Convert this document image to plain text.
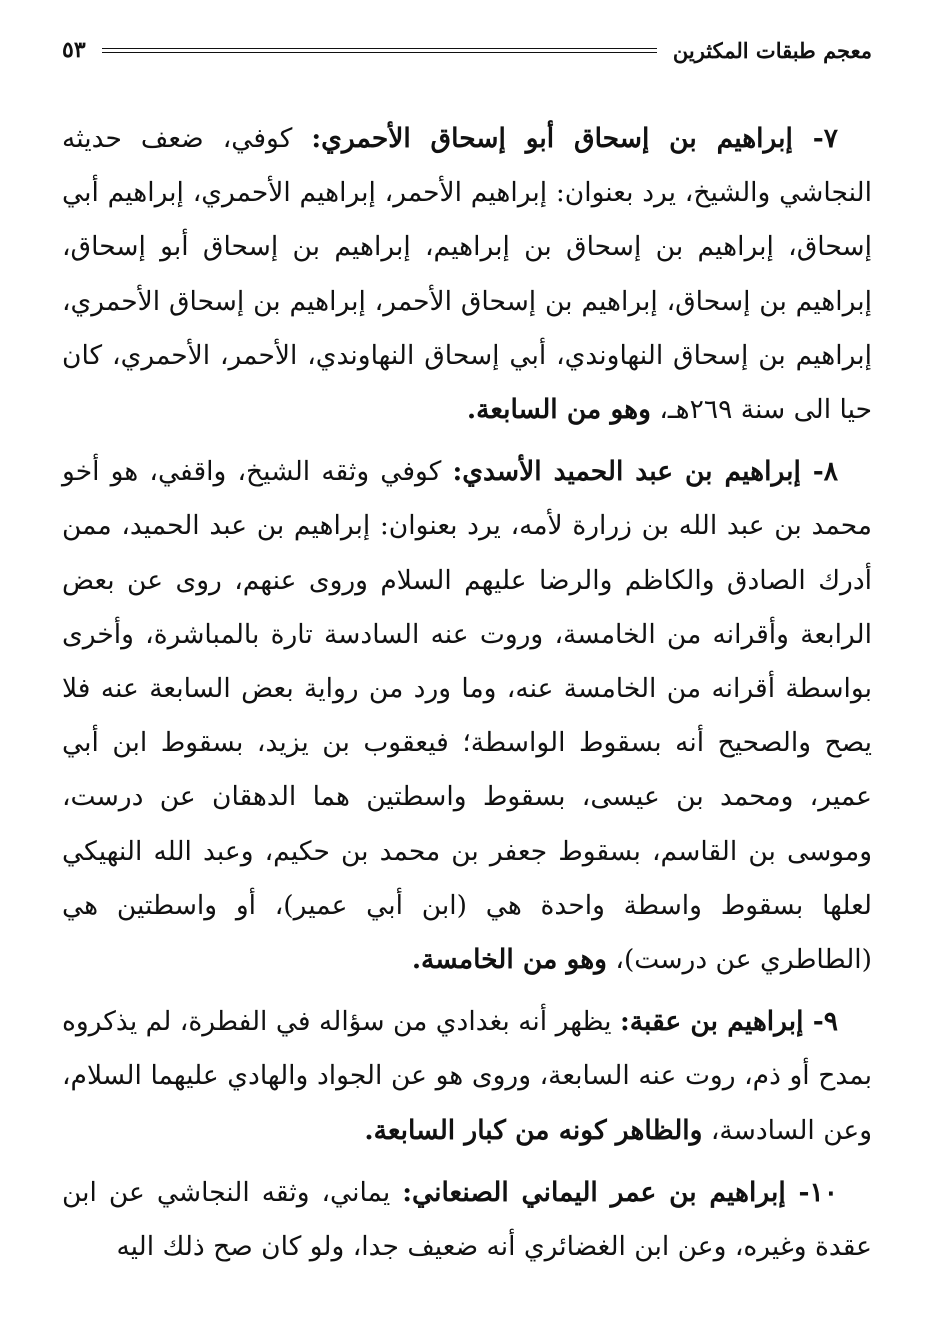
معجم طبقات المكثرين
٥٣

٧- إبراهيم بن إسحاق أبو إسحاق الأحمري: كوفي، ضعف حديثه النجاشي والشيخ، يرد بعنوان: إبراهيم الأحمر، إبراهيم الأحمري، إبراهيم أبي إسحاق، إبراهيم بن إسحاق بن إبراهيم، إبراهيم بن إسحاق أبو إسحاق، إبراهيم بن إسحاق، إبراهيم بن إسحاق الأحمر، إبراهيم بن إسحاق الأحمري، إبراهيم بن إسحاق النهاوندي، أبي إسحاق النهاوندي، الأحمر، الأحمري، كان حيا الى سنة ٢٦٩هـ، وهو من السابعة.

٨- إبراهيم بن عبد الحميد الأسدي: كوفي وثقه الشيخ، واقفي، هو أخو محمد بن عبد الله بن زرارة لأمه، يرد بعنوان: إبراهيم بن عبد الحميد، ممن أدرك الصادق والكاظم والرضا عليهم السلام وروى عنهم، روى عن بعض الرابعة وأقرانه من الخامسة، وروت عنه السادسة تارة بالمباشرة، وأخرى بواسطة أقرانه من الخامسة عنه، وما ورد من رواية بعض السابعة عنه فلا يصح والصحيح أنه بسقوط الواسطة؛ فيعقوب بن يزيد، بسقوط ابن أبي عمير، ومحمد بن عيسى، بسقوط واسطتين هما الدهقان عن درست، وموسى بن القاسم، بسقوط جعفر بن محمد بن حكيم، وعبد الله النهيكي لعلها بسقوط واسطة واحدة هي (ابن أبي عمير)، أو واسطتين هي (الطاطري عن درست)، وهو من الخامسة.

٩- إبراهيم بن عقبة: يظهر أنه بغدادي من سؤاله في الفطرة، لم يذكروه بمدح أو ذم، روت عنه السابعة، وروى هو عن الجواد والهادي عليهما السلام، وعن السادسة، والظاهر كونه من كبار السابعة.

١٠- إبراهيم بن عمر اليماني الصنعاني: يماني، وثقه النجاشي عن ابن عقدة وغيره، وعن ابن الغضائري أنه ضعيف جدا، ولو كان صح ذلك اليه
